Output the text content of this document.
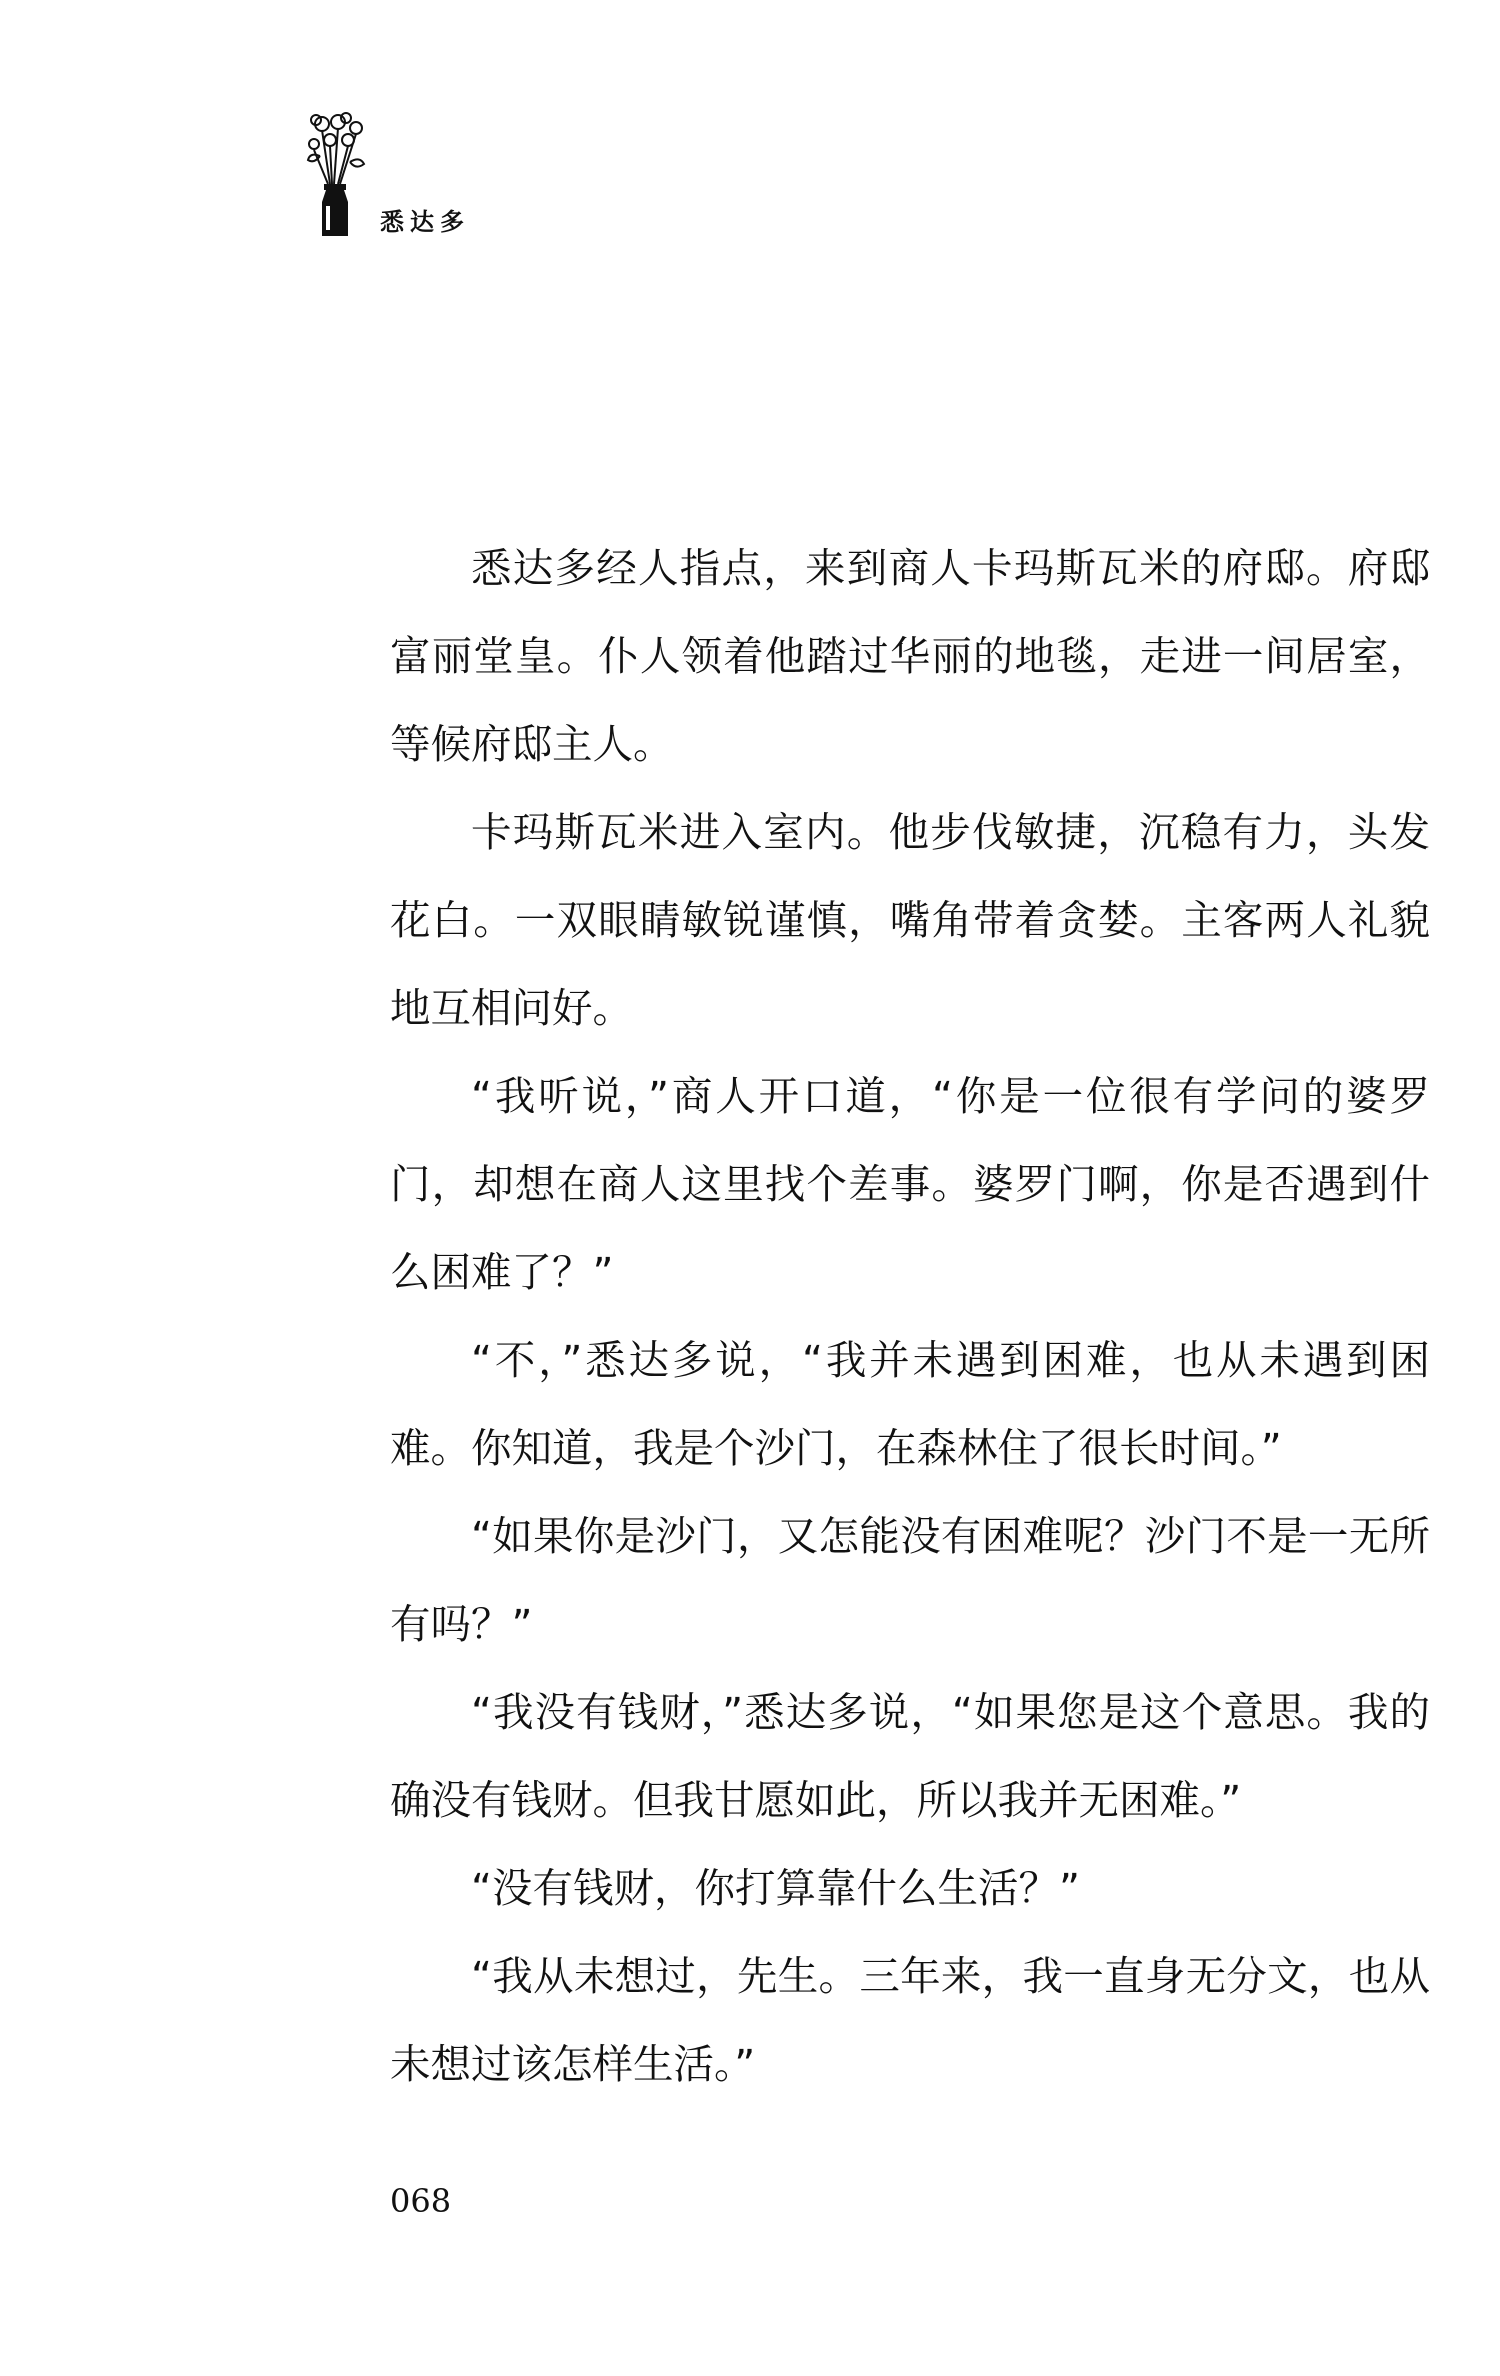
悉达多

悉达多经人指点，来到商人卡玛斯瓦米的府邸。府邸富丽堂皇。仆人领着他踏过华丽的地毯，走进一间居室，等候府邸主人。

卡玛斯瓦米进入室内。他步伐敏捷，沉稳有力，头发花白。一双眼睛敏锐谨慎，嘴角带着贪婪。主客两人礼貌地互相问好。

“我听说，”商人开口道，“你是一位很有学问的婆罗门，却想在商人这里找个差事。婆罗门啊，你是否遇到什么困难了？”

“不，”悉达多说，“我并未遇到困难，也从未遇到困难。
你知道，我是个沙门，在森林住了很长时间。”

“如果你是沙门，又怎能没有困难呢？沙门不是一无所有吗？”

“我没有钱财，”悉达多说，“如果您是这个意思。我的确没有钱财。但我甘愿如此，所以我并无困难。”

“没有钱财，你打算靠什么生活？”

“我从未想过，先生。三年来，我一直身无分文，也从未想过该怎样生活。”

068
